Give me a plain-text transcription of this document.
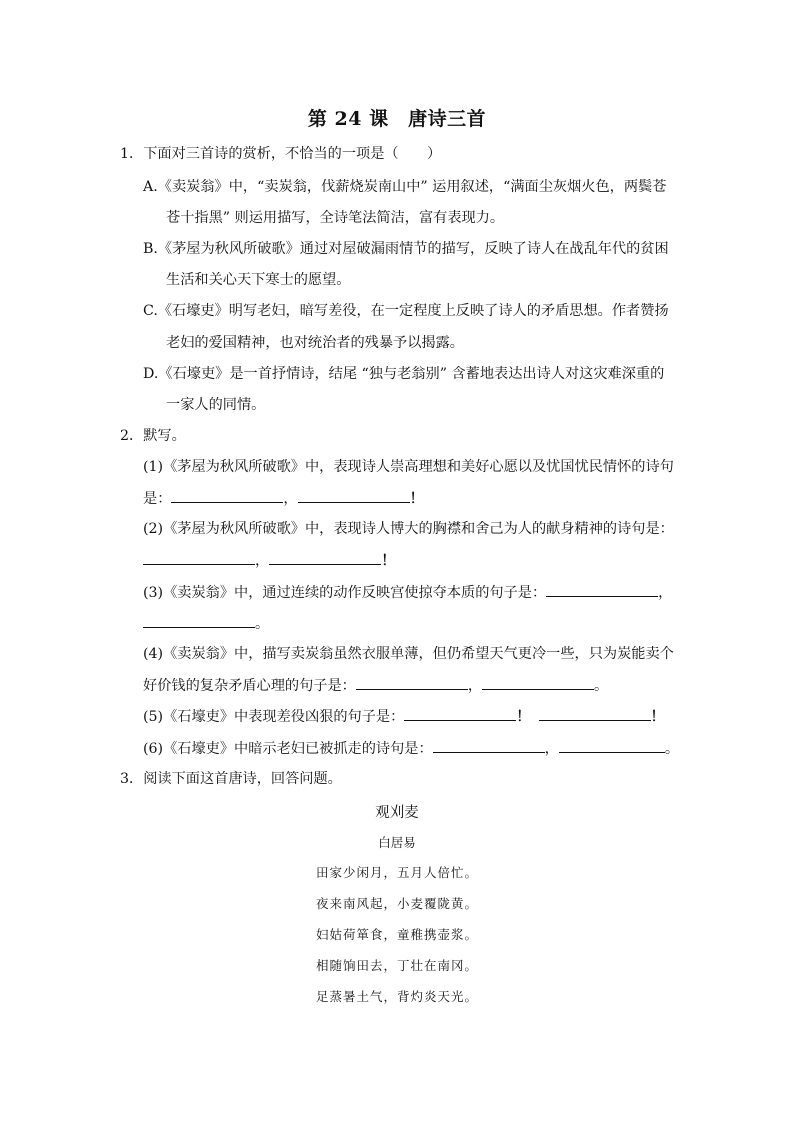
第 24 课　唐诗三首
1．下面对三首诗的赏析，不恰当的一项是（　　）
A.《卖炭翁》中，“卖炭翁，伐薪烧炭南山中” 运用叙述，“满面尘灰烟火色，两鬓苍
苍十指黑” 则运用描写，全诗笔法简洁，富有表现力。
B.《茅屋为秋风所破歌》通过对屋破漏雨情节的描写，反映了诗人在战乱年代的贫困
生活和关心天下寒士的愿望。
C.《石壕吏》明写老妇，暗写差役，在一定程度上反映了诗人的矛盾思想。作者赞扬
老妇的爱国精神，也对统治者的残暴予以揭露。
D.《石壕吏》是一首抒情诗，结尾 “独与老翁别” 含蓄地表达出诗人对这灾难深重的
一家人的同情。
2．默写。
(1)《茅屋为秋风所破歌》中，表现诗人崇高理想和美好心愿以及忧国忧民情怀的诗句
是：	，	！
(2)《茅屋为秋风所破歌》中，表现诗人博大的胸襟和舍己为人的献身精神的诗句是：
，	！
(3)《卖炭翁》中，通过连续的动作反映宫使掠夺本质的句子是：	，
。
(4)《卖炭翁》中，描写卖炭翁虽然衣服单薄，但仍希望天气更冷一些，只为炭能卖个
好价钱的复杂矛盾心理的句子是：	，	。
(5)《石壕吏》中表现差役凶狠的句子是：	！	！
(6)《石壕吏》中暗示老妇已被抓走的诗句是：	，	。
3．阅读下面这首唐诗，回答问题。
观刈麦
白居易
田家少闲月，五月人倍忙。
夜来南风起，小麦覆陇黄。
妇姑荷箪食，童稚携壶浆。
相随饷田去，丁壮在南冈。
足蒸暑土气，背灼炎天光。
